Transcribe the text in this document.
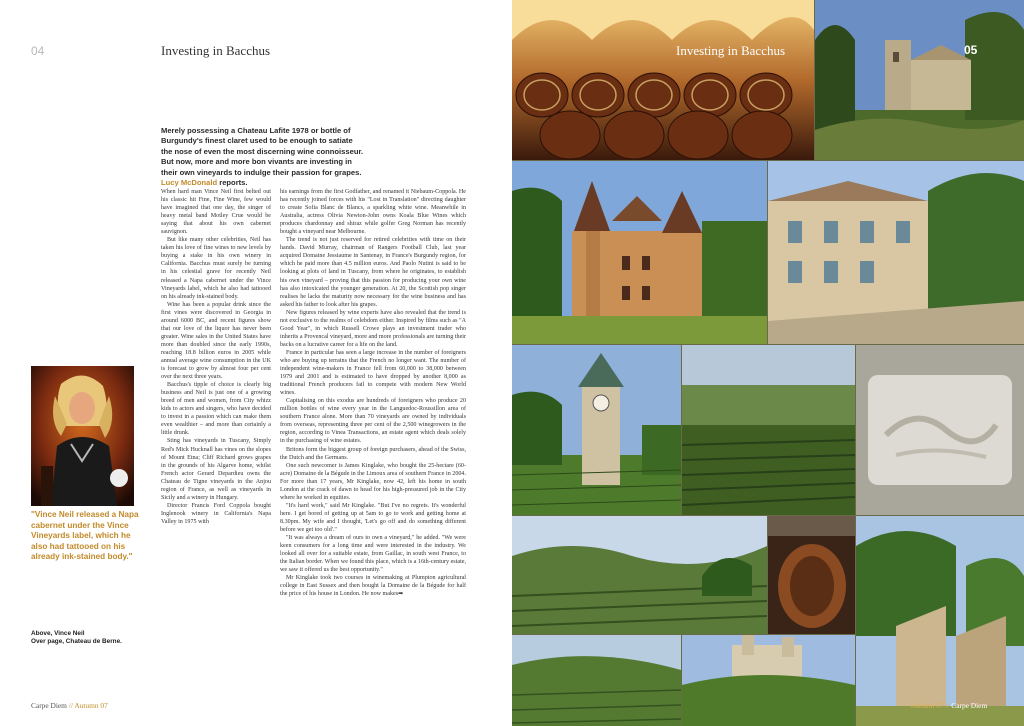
04	Investing in Bacchus
Merely possessing a Chateau Lafite 1978 or bottle of Burgundy's finest claret used to be enough to satiate the nose of even the most discerning wine connoisseur. But now, more and more bon vivants are investing in their own vineyards to indulge their passion for grapes. Lucy McDonald reports.
"Vince Neil released a Napa cabernet under the Vince Vineyards label, which he also had tattooed on his already ink-stained body."
Above, Vince Neil
Over page, Chateau de Berne.

When hard man Vince Neil first belted out his classic hit Fine, Fine Wine, few would have imagined that one day, the singer of heavy metal band Motley Crue would be saying that about his own cabernet sauvignon.

But like many other celebrities, Neil has taken his love of fine wines to new levels by buying a stake in his own winery in California. Bacchus must surely be turning in his celestial grave for recently Neil released a Napa cabernet under the Vince Vineyards label, which he also had tattooed on his already ink-stained body.

Wine has been a popular drink since the first vines were discovered in Georgia in around 6000 BC, and recent figures show that our love of the liquor has never been greater. Wine sales in the United States have more than doubled since the early 1990s, reaching 18.8 billion euros in 2005 while annual average wine consumption in the UK is forecast to grow by almost four per cent over the next three years.

Bacchus's tipple of choice is clearly big business and Neil is just one of a growing breed of men and women, from City whizz kids to actors and singers, who have decided to invest in a passion which can make them even wealthier – and more than certainly a little drunk.

Sting has vineyards in Tuscany, Simply Red's Mick Hucknall has vines on the slopes of Mount Etna; Cliff Richard grows grapes in the grounds of his Algarve home, whilst French actor Gerard Depardieu owns the Chateau de Tigne vineyards in the Anjou region of France, as well as vineyards in Sicily and a winery in Hungary.

Director Francis Ford Coppola bought Inglenook winery in California's Napa Valley in 1975 with

his earnings from the first Godfather, and renamed it Niebaum-Coppola. He has recently joined forces with his "Lost in Translation" directing daughter to create Sofia Blanc de Blancs, a sparkling white wine. Meanwhile in Australia, actress Olivia Newton-John owns Koala Blue Wines which produces chardonnay and shiraz while golfer Greg Norman has recently bought a vineyard near Melbourne.

The trend is not just reserved for retired celebrities with time on their hands. David Murray, chairman of Rangers Football Club, last year acquired Domaine Jessiaume in Santenay, in France's Burgundy region, for which he paid more than 4.5 million euros. And Paolo Nutini is said to be looking at plots of land in Tuscany, from where he originates, to establish his own vineyard – proving that this passion for producing your own wine has also intoxicated the younger generation. At 20, the Scottish pop singer realises he lacks the maturity now necessary for the wine business and has asked his father to look after his grapes.

New figures released by wine experts have also revealed that the trend is not exclusive to the realms of celebdom either. Inspired by films such as "A Good Year", in which Russell Crowe plays an investment trader who inherits a Provencal vineyard, more and more professionals are turning their backs on a lucrative career for a life on the land.

France in particular has seen a large increase in the number of foreigners who are buying up terrains that the French no longer want. The number of independent wine-makers in France fell from 60,000 to 38,000 between 1979 and 2001 and is estimated to have dropped by another 8,000 as traditional French producers fail to compete with modern New World wines.

Capitalising on this exodus are hundreds of foreigners who produce 20 million bottles of wine every year in the Languedoc-Roussillon area of southern France alone. More than 70 vineyards are owned by individuals from overseas, representing three per cent of the 2,500 winegrowers in the region, according to Vinea Transactions, an estate agent which deals solely in the purchasing of wine estates.

Britons form the biggest group of foreign purchasers, ahead of the Swiss, the Dutch and the Germans.

One such newcomer is James Kinglake, who bought the 25-hectare (60-acre) Domaine de la Bégude in the Limoux area of southern France in 2004. For more than 17 years, Mr Kinglake, now 42, left his home in south London at the crack of dawn to head for his high-pressured job in the City where he worked in equities.

"It's hard work," said Mr Kinglake. "But I've no regrets. It's wonderful here. I get bored of getting up at 5am to go to work and getting home at 8.30pm. My wife and I thought, 'Let's go off and do something different before we get too old'."

"It was always a dream of ours to own a vineyard," he added. "We were keen consumers for a long time and were interested in the industry. We looked all over for a suitable estate, from Gaillac, in south west France, to the Italian border. When we found this place, which is a 16th-century estate, we saw it offered us the best opportunity."

Mr Kinglake took two courses in winemaking at Plumpton agricultural college in East Sussex and then bought la Domaine de la Bégude for half the price of his house in London. He now makes➡

Carpe Diem // Autumn 07
Investing in Bacchus	05
Autumn 07 // Carpe Diem
